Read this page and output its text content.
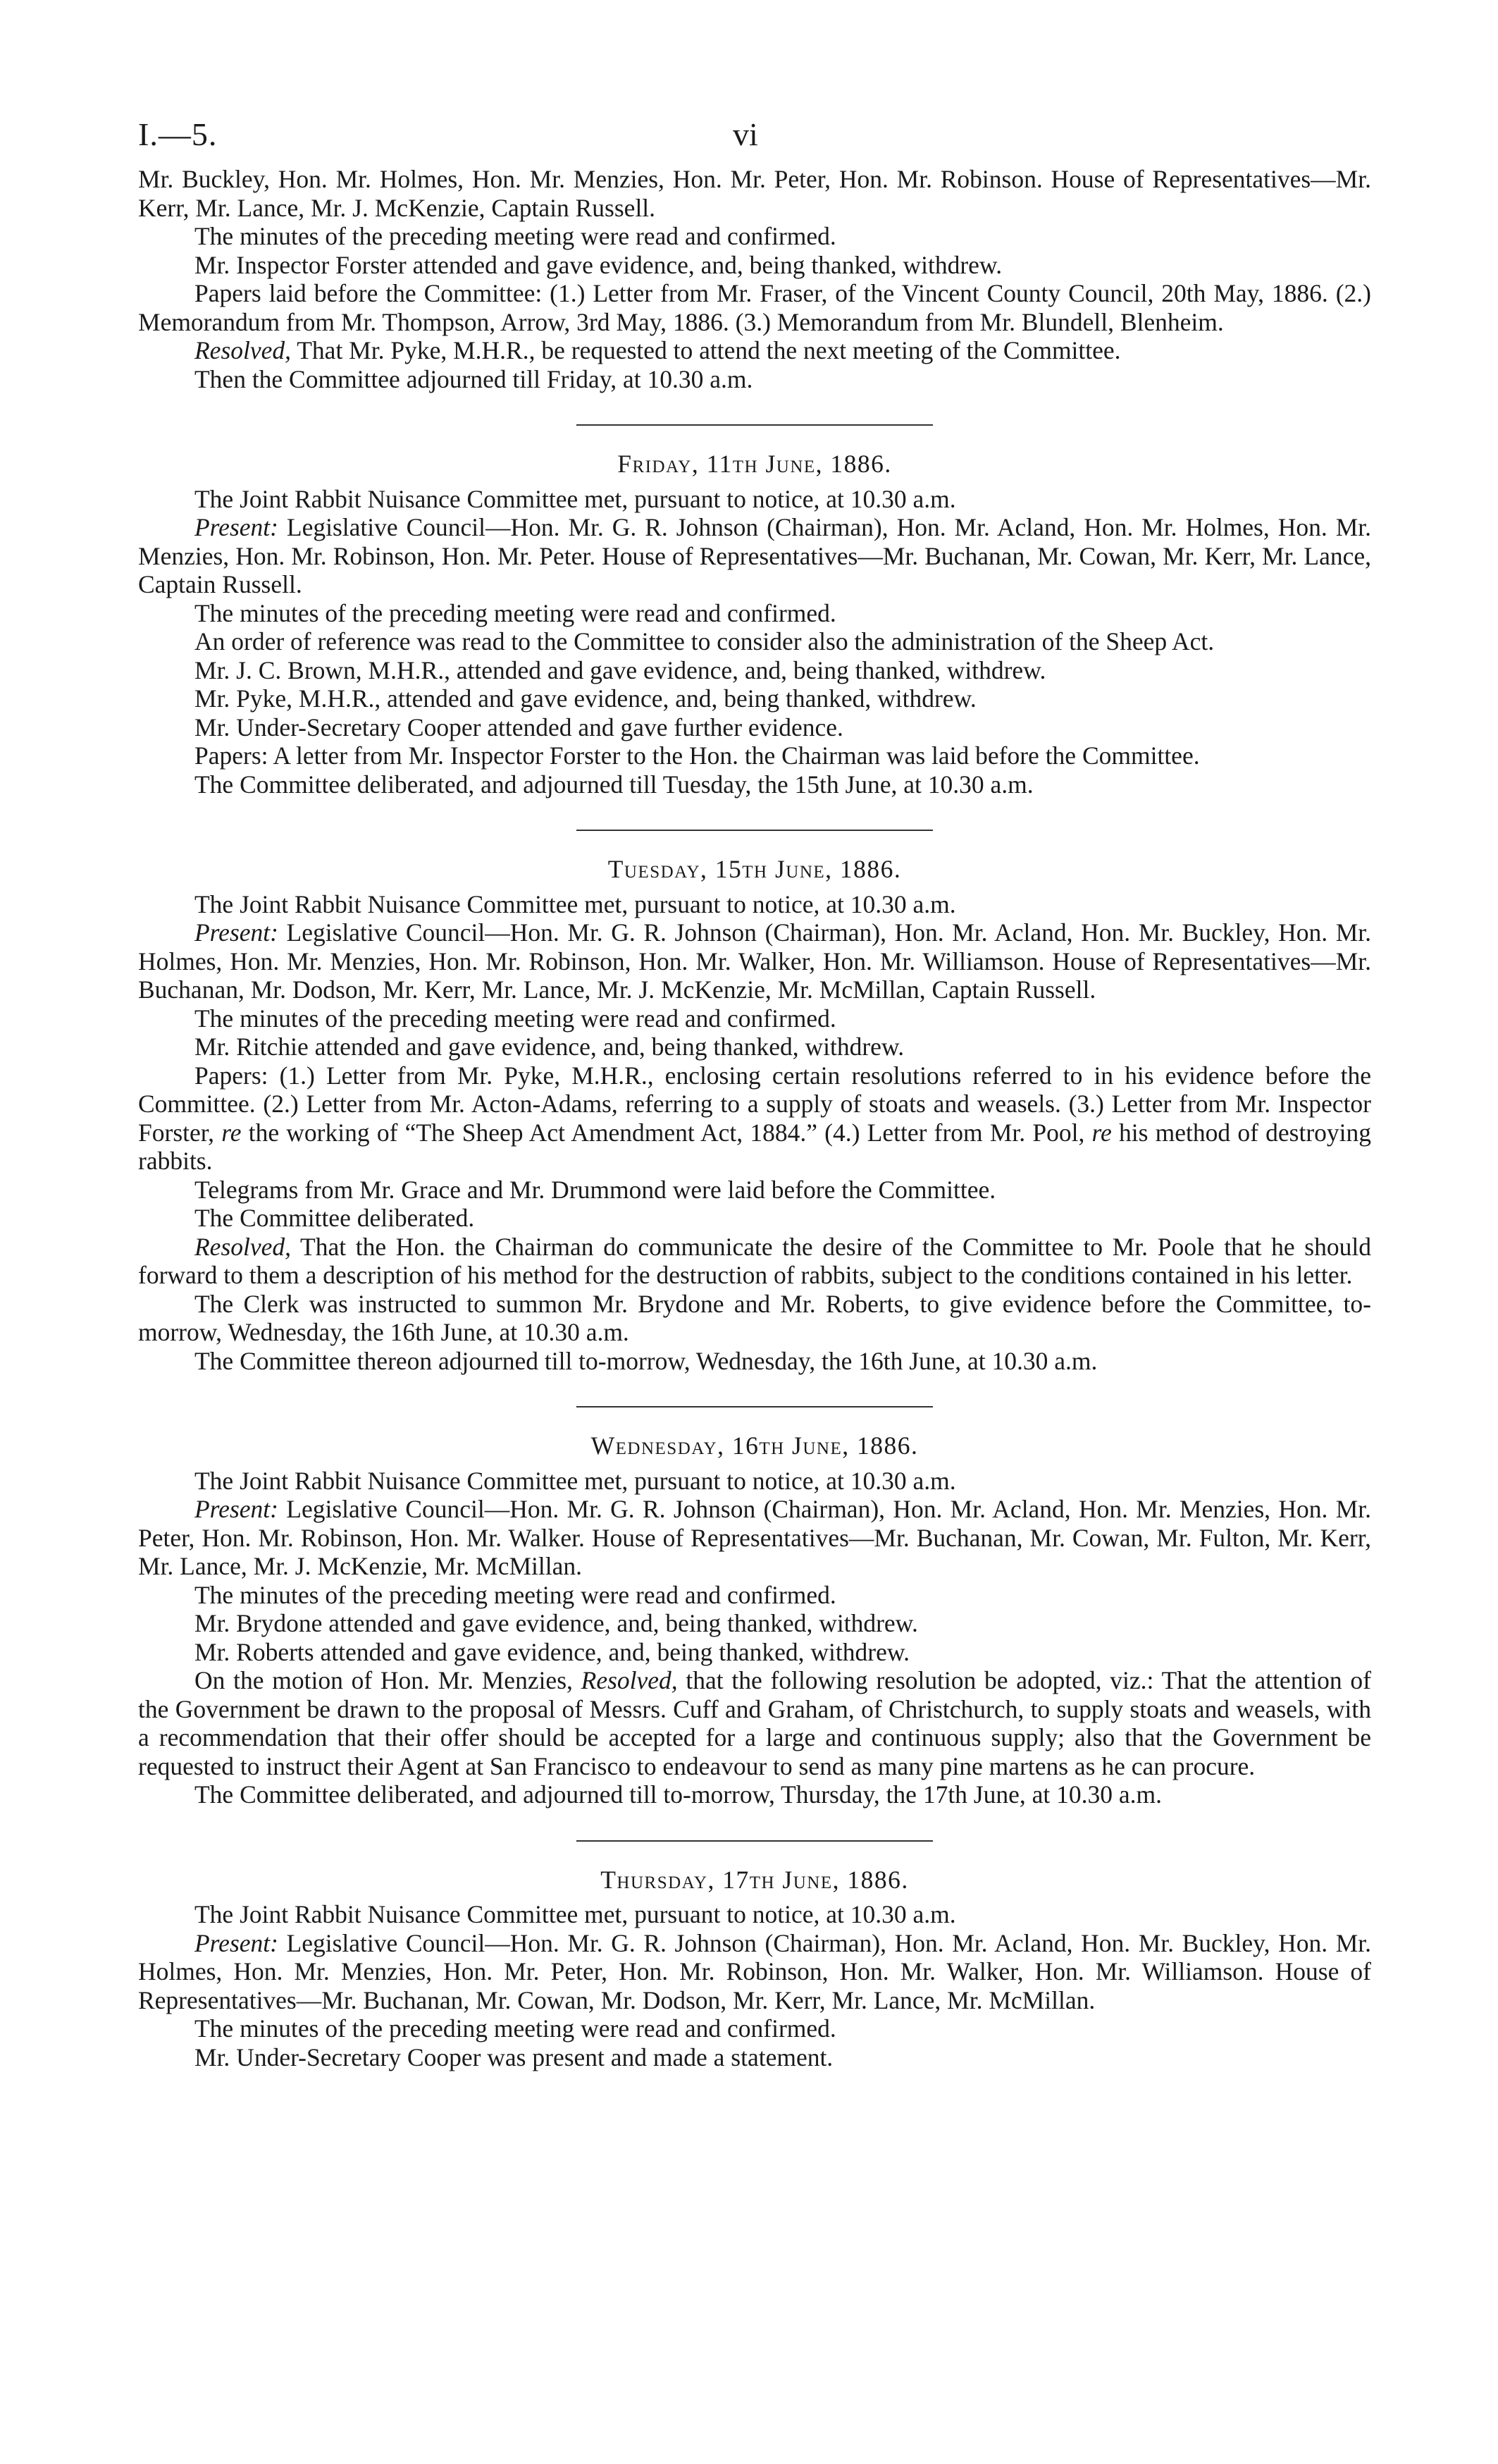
I.—5.	vi

Mr. Buckley, Hon. Mr. Holmes, Hon. Mr. Menzies, Hon. Mr. Peter, Hon. Mr. Robinson. House of Representatives—Mr. Kerr, Mr. Lance, Mr. J. McKenzie, Captain Russell.

The minutes of the preceding meeting were read and confirmed.

Mr. Inspector Forster attended and gave evidence, and, being thanked, withdrew.

Papers laid before the Committee: (1.) Letter from Mr. Fraser, of the Vincent County Council, 20th May, 1886. (2.) Memorandum from Mr. Thompson, Arrow, 3rd May, 1886. (3.) Memorandum from Mr. Blundell, Blenheim.

Resolved, That Mr. Pyke, M.H.R., be requested to attend the next meeting of the Committee.

Then the Committee adjourned till Friday, at 10.30 a.m.

Friday, 11th June, 1886.

The Joint Rabbit Nuisance Committee met, pursuant to notice, at 10.30 a.m.

Present: Legislative Council—Hon. Mr. G. R. Johnson (Chairman), Hon. Mr. Acland, Hon. Mr. Holmes, Hon. Mr. Menzies, Hon. Mr. Robinson, Hon. Mr. Peter. House of Representatives—Mr. Buchanan, Mr. Cowan, Mr. Kerr, Mr. Lance, Captain Russell.

The minutes of the preceding meeting were read and confirmed.

An order of reference was read to the Committee to consider also the administration of the Sheep Act.

Mr. J. C. Brown, M.H.R., attended and gave evidence, and, being thanked, withdrew.

Mr. Pyke, M.H.R., attended and gave evidence, and, being thanked, withdrew.

Mr. Under-Secretary Cooper attended and gave further evidence.

Papers: A letter from Mr. Inspector Forster to the Hon. the Chairman was laid before the Committee.

The Committee deliberated, and adjourned till Tuesday, the 15th June, at 10.30 a.m.

Tuesday, 15th June, 1886.

The Joint Rabbit Nuisance Committee met, pursuant to notice, at 10.30 a.m.

Present: Legislative Council—Hon. Mr. G. R. Johnson (Chairman), Hon. Mr. Acland, Hon. Mr. Buckley, Hon. Mr. Holmes, Hon. Mr. Menzies, Hon. Mr. Robinson, Hon. Mr. Walker, Hon. Mr. Williamson. House of Representatives—Mr. Buchanan, Mr. Dodson, Mr. Kerr, Mr. Lance, Mr. J. McKenzie, Mr. McMillan, Captain Russell.

The minutes of the preceding meeting were read and confirmed.

Mr. Ritchie attended and gave evidence, and, being thanked, withdrew.

Papers: (1.) Letter from Mr. Pyke, M.H.R., enclosing certain resolutions referred to in his evidence before the Committee. (2.) Letter from Mr. Acton-Adams, referring to a supply of stoats and weasels. (3.) Letter from Mr. Inspector Forster, re the working of “The Sheep Act Amendment Act, 1884.” (4.) Letter from Mr. Pool, re his method of destroying rabbits.

Telegrams from Mr. Grace and Mr. Drummond were laid before the Committee.

The Committee deliberated.

Resolved, That the Hon. the Chairman do communicate the desire of the Committee to Mr. Poole that he should forward to them a description of his method for the destruction of rabbits, subject to the conditions contained in his letter.

The Clerk was instructed to summon Mr. Brydone and Mr. Roberts, to give evidence before the Committee, to-morrow, Wednesday, the 16th June, at 10.30 a.m.

The Committee thereon adjourned till to-morrow, Wednesday, the 16th June, at 10.30 a.m.

Wednesday, 16th June, 1886.

The Joint Rabbit Nuisance Committee met, pursuant to notice, at 10.30 a.m.

Present: Legislative Council—Hon. Mr. G. R. Johnson (Chairman), Hon. Mr. Acland, Hon. Mr. Menzies, Hon. Mr. Peter, Hon. Mr. Robinson, Hon. Mr. Walker. House of Representatives—Mr. Buchanan, Mr. Cowan, Mr. Fulton, Mr. Kerr, Mr. Lance, Mr. J. McKenzie, Mr. McMillan.

The minutes of the preceding meeting were read and confirmed.

Mr. Brydone attended and gave evidence, and, being thanked, withdrew.

Mr. Roberts attended and gave evidence, and, being thanked, withdrew.

On the motion of Hon. Mr. Menzies, Resolved, that the following resolution be adopted, viz.: That the attention of the Government be drawn to the proposal of Messrs. Cuff and Graham, of Christchurch, to supply stoats and weasels, with a recommendation that their offer should be accepted for a large and continuous supply; also that the Government be requested to instruct their Agent at San Francisco to endeavour to send as many pine martens as he can procure.

The Committee deliberated, and adjourned till to-morrow, Thursday, the 17th June, at 10.30 a.m.

Thursday, 17th June, 1886.

The Joint Rabbit Nuisance Committee met, pursuant to notice, at 10.30 a.m.

Present: Legislative Council—Hon. Mr. G. R. Johnson (Chairman), Hon. Mr. Acland, Hon. Mr. Buckley, Hon. Mr. Holmes, Hon. Mr. Menzies, Hon. Mr. Peter, Hon. Mr. Robinson, Hon. Mr. Walker, Hon. Mr. Williamson. House of Representatives—Mr. Buchanan, Mr. Cowan, Mr. Dodson, Mr. Kerr, Mr. Lance, Mr. McMillan.

The minutes of the preceding meeting were read and confirmed.

Mr. Under-Secretary Cooper was present and made a statement.
